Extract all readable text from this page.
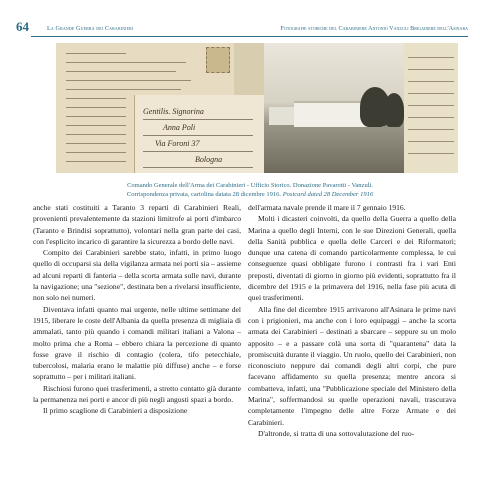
64	La Grande Guerra dei Carabinieri	Fotografie storiche del Carabiniere Antonio Vanzuli Brigadiere dell'Asinara
Gentilis. Signorina
Anna Poli
Via Foroni 37
Bologna
Comando Generale dell'Arma dei Carabinieri - Ufficio Storico. Donazione Pavarotti - Vanzuli.
Corrispondenza privata, cartolina datata 28 dicembre 1916. Postcard dated 28 December 1916

anche stati costituiti a Taranto 3 reparti di Carabinieri Reali, provenienti prevalentemente da stazioni limitrofe ai porti d'imbarco (Taranto e Brindisi soprattutto), volontari nella gran parte dei casi, con l'esplicito incarico di garantire la sicurezza a bordo delle navi.

Compito dei Carabinieri sarebbe stato, infatti, in primo luogo quello di occuparsi sia della vigilanza armata nei porti sia – assieme ad alcuni reparti di fanteria – della scorta armata sulle navi, durante la navigazione; una "sezione", destinata ben a rivelarsi insufficiente, non solo nei numeri.

Diventava infatti quanto mai urgente, nelle ultime settimane del 1915, liberare le coste dell'Albania da quella presenza di migliaia di ammalati, tanto più quando i comandi militari italiani a Valona – molto prima che a Roma – ebbero chiara la percezione di quanto fosse grave il rischio di contagio (colera, tifo petecchiale, tubercolosi, malaria erano le malattie più diffuse) anche – e forse soprattutto – per i militari italiani.

Rischiosi furono quei trasferimenti, a stretto contatto già durante la permanenza nei porti e ancor di più negli angusti spazi a bordo.

Il primo scaglione di Carabinieri a disposizione

dell'armata navale prende il mare il 7 gennaio 1916.

Molti i dicasteri coinvolti, da quello della Guerra a quello della Marina a quello degli Interni, con le sue Direzioni Generali, quella della Sanità pubblica e quella delle Carceri e dei Riformatori; dunque una catena di comando particolarmente complessa, le cui conseguenze quasi obbligate furono i contrasti fra i vari Enti preposti, diventati di giorno in giorno più evidenti, soprattutto fra il dicembre del 1915 e la primavera del 1916, nella fase più acuta di quei trasferimenti.

Alla fine del dicembre 1915 arrivarono all'Asinara le prime navi con i prigionieri, ma anche con i loro equipaggi – anche la scorta armata dei Carabinieri – destinati a sbarcare – seppure su un molo apposito – e a passare colà una sorta di "quarantena" data la promiscuità durante il viaggio. Un ruolo, quello dei Carabinieri, non riconosciuto neppure dai comandi degli altri corpi, che pure facevano affidamento su quella presenza; mentre ancora si combatteva, infatti, una "Pubblicazione speciale del Ministero della Marina", soffermandosi su quelle operazioni navali, trascurava completamente l'impegno delle altre Forze Armate e dei Carabinieri.

D'altronde, si tratta di una sottovalutazione del ruo-
